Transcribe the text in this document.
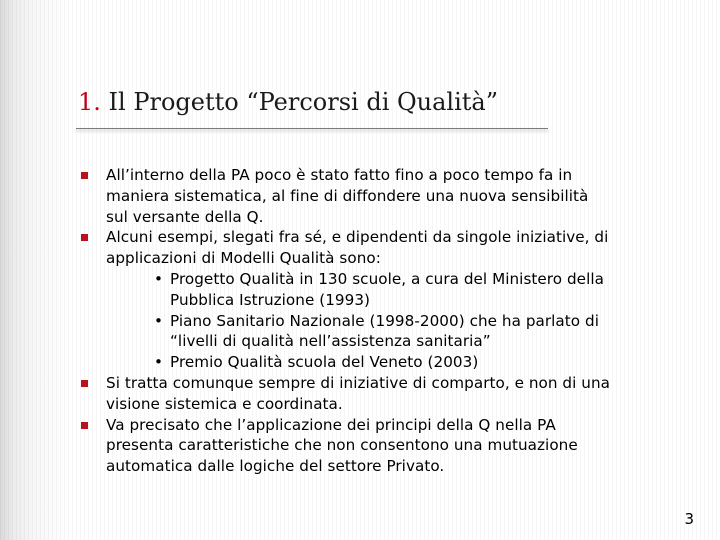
1. Il Progetto “Percorsi di Qualità”
All’interno della PA poco è stato fatto fino a poco tempo fa in
maniera sistematica, al fine di diffondere una nuova sensibilità
sul versante della Q.
Alcuni esempi, slegati fra sé, e dipendenti da singole iniziative, di
applicazioni di Modelli Qualità sono:
• Progetto Qualità in 130 scuole, a cura del Ministero della
Pubblica Istruzione (1993)
• Piano Sanitario Nazionale (1998-2000) che ha parlato di
“livelli di qualità nell’assistenza sanitaria”
• Premio Qualità scuola del Veneto (2003)
Si tratta comunque sempre di iniziative di comparto, e non di una
visione sistemica e coordinata.
Va precisato che l’applicazione dei principi della Q nella PA
presenta caratteristiche che non consentono una mutuazione
automatica dalle logiche del settore Privato.
3
